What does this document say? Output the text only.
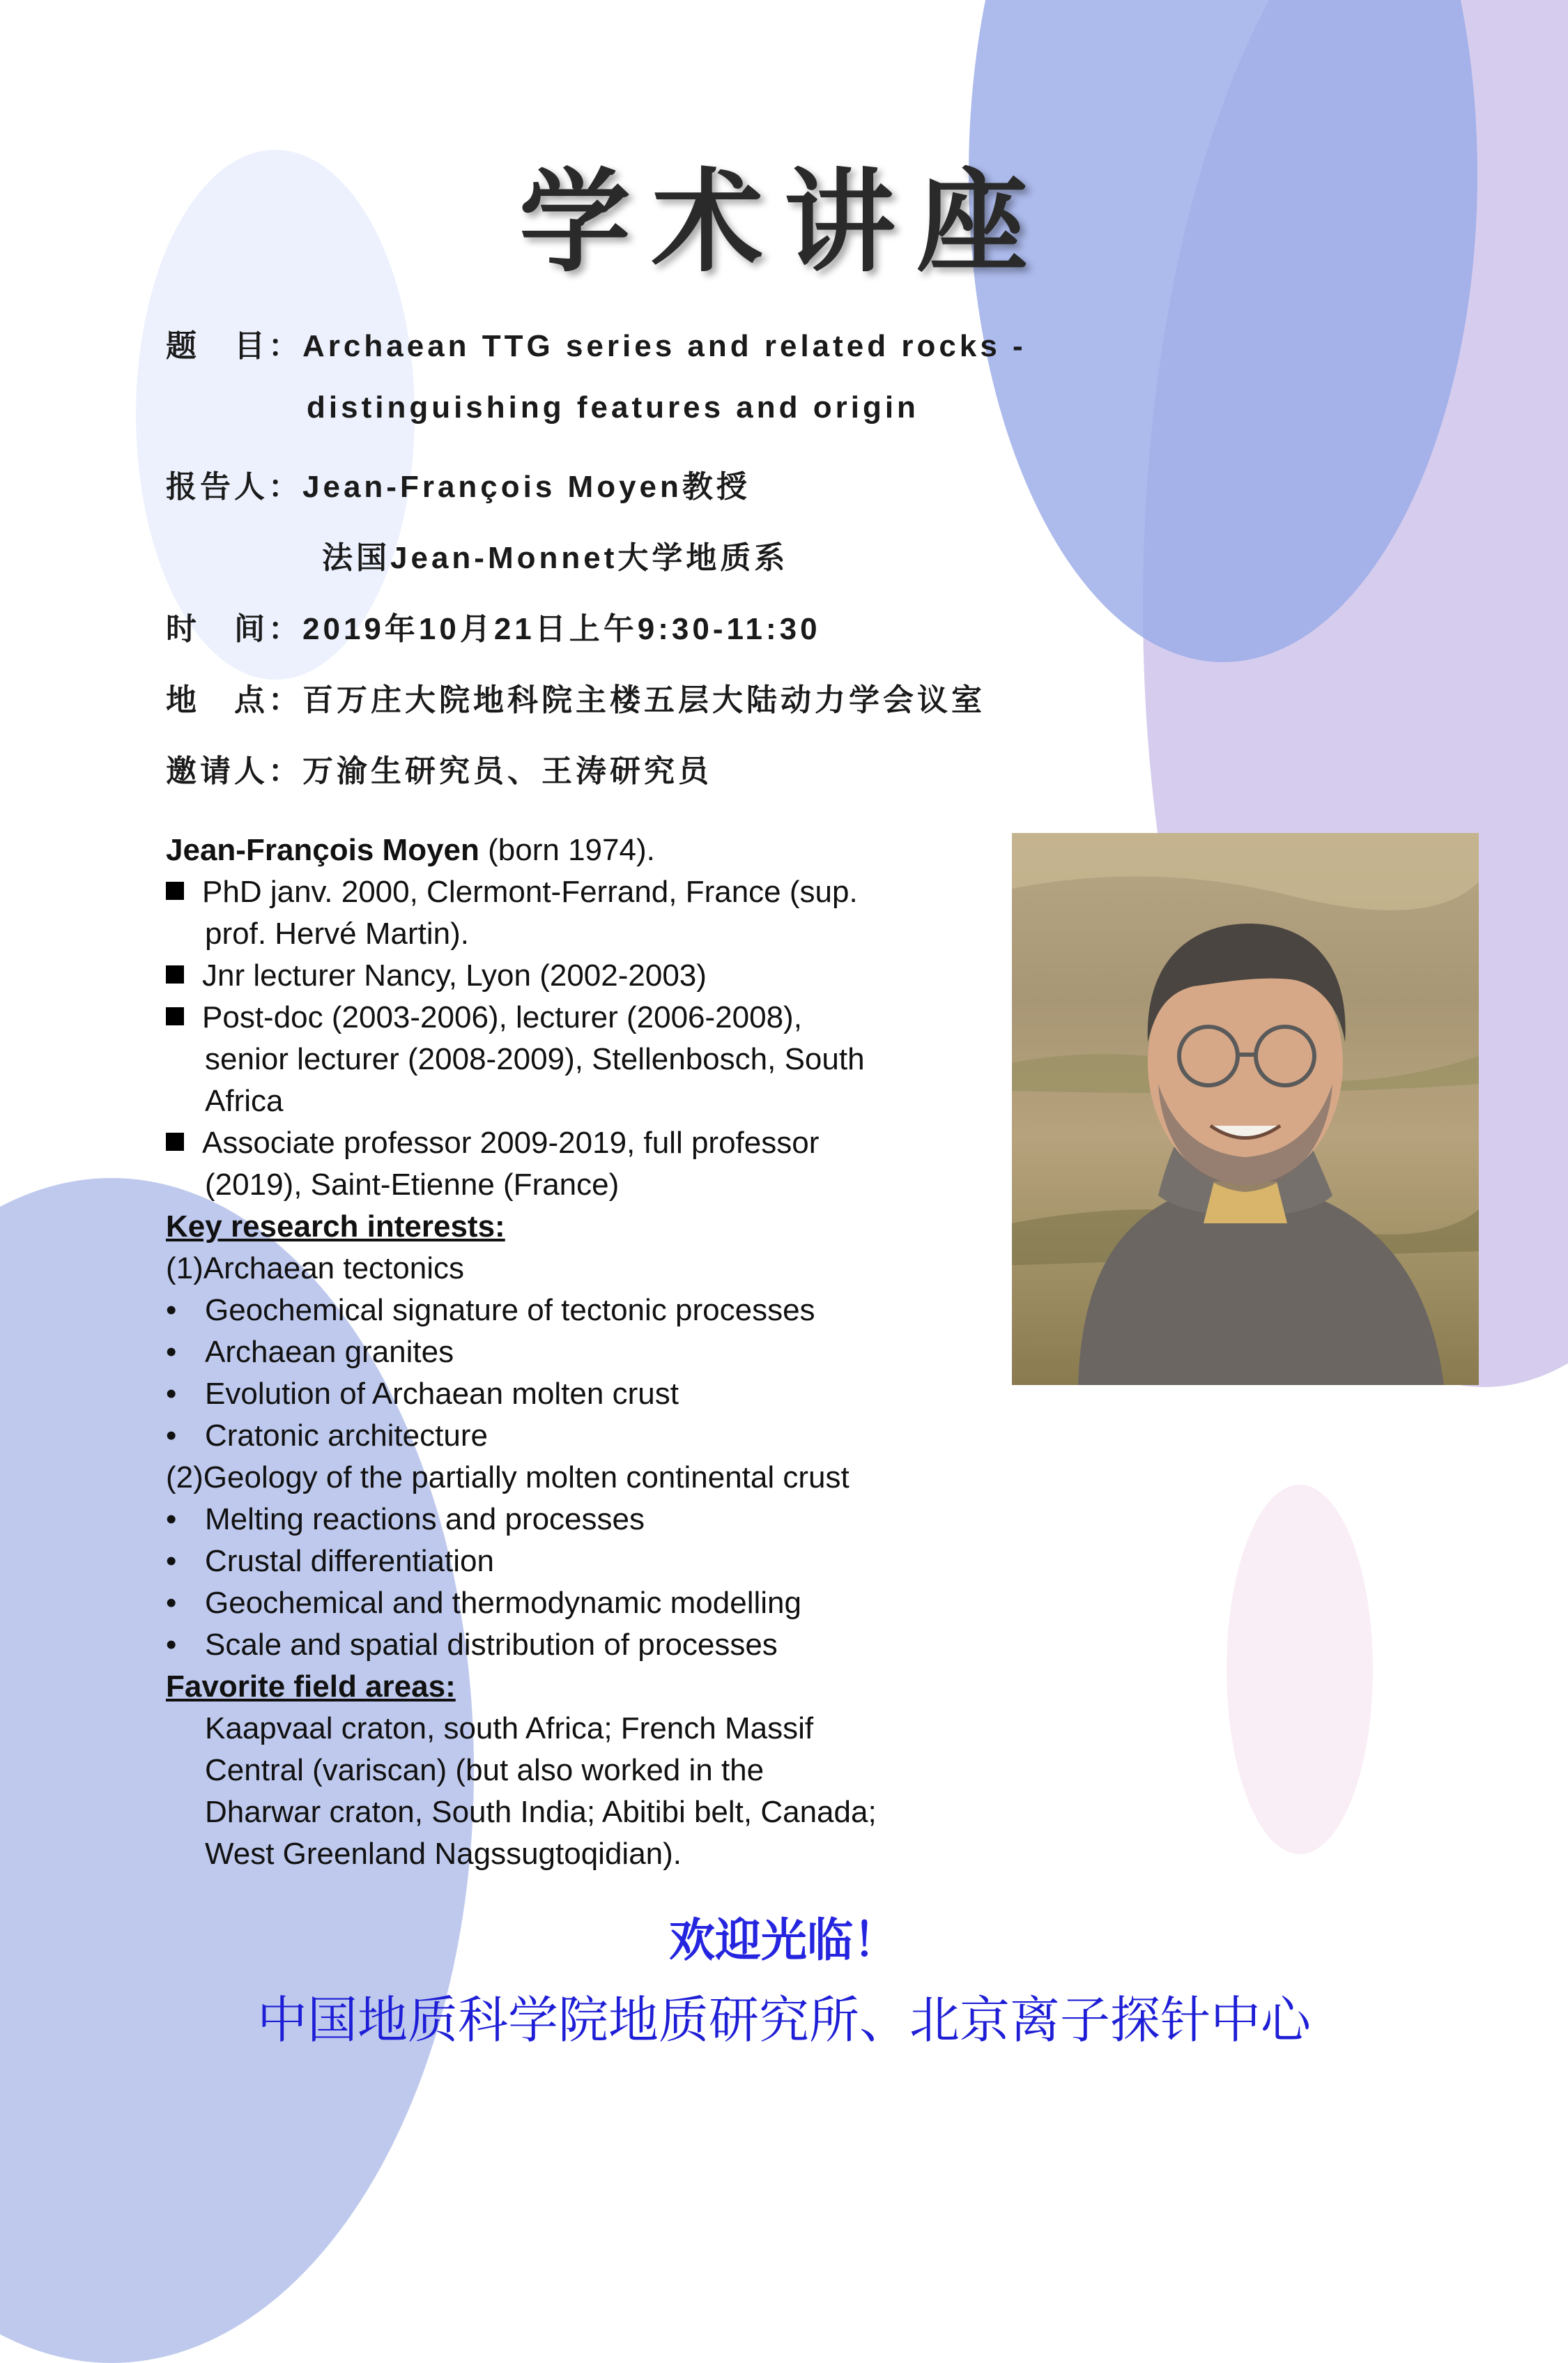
学术讲座
题　目：Archaean TTG series and related rocks -
distinguishing features and origin
报告人：Jean-François Moyen教授
法国Jean-Monnet大学地质系
时　间：2019年10月21日上午9:30-11:30
地　点：百万庄大院地科院主楼五层大陆动力学会议室
邀请人：万渝生研究员、王涛研究员
Jean-François Moyen (born 1974).
PhD janv. 2000, Clermont-Ferrand, France (sup.
prof. Hervé Martin).
Jnr lecturer Nancy, Lyon (2002-2003)
Post-doc (2003-2006), lecturer (2006-2008),
senior lecturer (2008-2009), Stellenbosch, South
Africa
Associate professor 2009-2019, full professor
(2019), Saint-Etienne (France)
Key research interests:
(1)Archaean tectonics
• Geochemical signature of tectonic processes
• Archaean granites
• Evolution of Archaean molten crust
• Cratonic architecture
(2)Geology of the partially molten continental crust
• Melting reactions and processes
• Crustal differentiation
• Geochemical and thermodynamic modelling
• Scale and spatial distribution of processes
Favorite field areas:
Kaapvaal craton, south Africa; French Massif
Central (variscan) (but also worked in the
Dharwar craton, South India; Abitibi belt, Canada;
West Greenland Nagssugtoqidian).
欢迎光临！
中国地质科学院地质研究所、北京离子探针中心
